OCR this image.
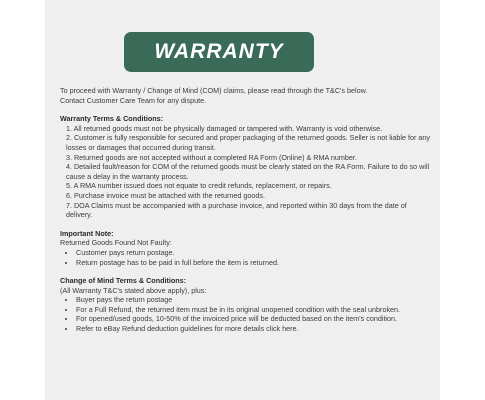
WARRANTY

To proceed with Warranty / Change of Mind (COM) claims, please read through the T&C's below.

Contact Customer Care Team for any dispute.

Warranty Terms & Conditions:

1. All returned goods must not be physically damaged or tampered with. Warranty is void otherwise.
2. Customer is fully responsible for secured and proper packaging of the returned goods. Seller is not liable for any losses or damages that occurred during transit.
3. Returned goods are not accepted without a completed RA Form (Online) & RMA number.
4. Detailed fault/reason for COM of the returned goods must be clearly stated on the RA Form. Failure to do so will cause a delay in the warranty process.
5. A RMA number issued does not equate to credit refunds, replacement, or repairs.
6. Purchase invoice must be attached with the returned goods.
7. DOA Claims must be accompanied with a purchase invoice, and reported within 30 days from the date of delivery.

Important Note:

Returned Goods Found Not Faulty:

• Customer pays return postage.
• Return postage has to be paid in full before the item is returned.

Change of Mind Terms & Conditions:

(All Warranty T&C's stated above apply), plus:

• Buyer pays the return postage
• For a Full Refund, the returned item must be in its original unopened condition with the seal unbroken.
• For opened/used goods, 10-50% of the invoiced price will be deducted based on the item's condition.
• Refer to eBay Refund deduction guidelines for more details click here.
